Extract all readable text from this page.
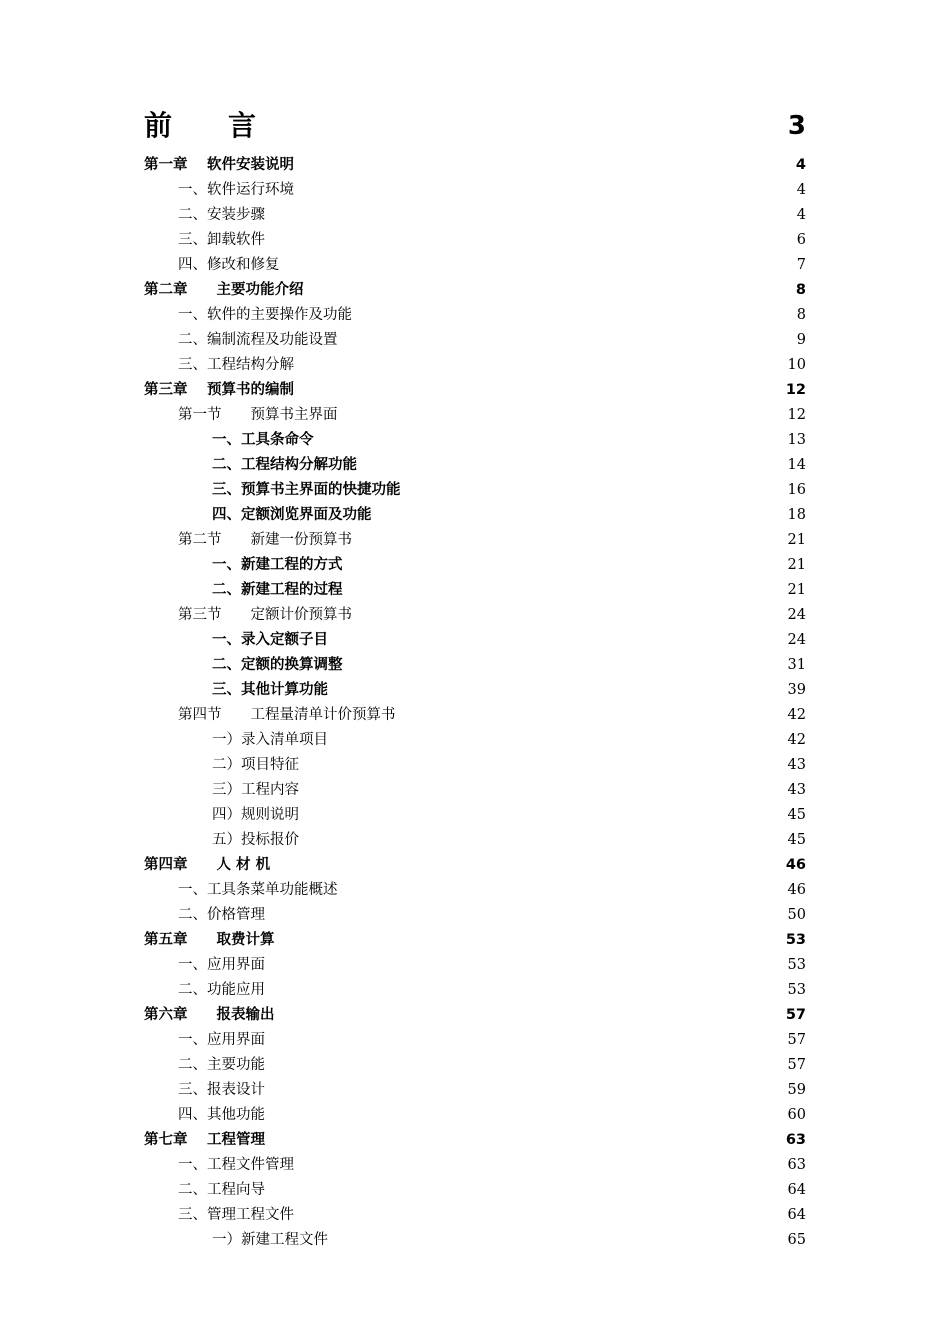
前　　言	3
第一章　 软件安装说明	4
一、软件运行环境	4
二、安装步骤	4
三、卸载软件	6
四、修改和修复	7
第二章　　主要功能介绍	8
一、软件的主要操作及功能	8
二、编制流程及功能设置	9
三、工程结构分解	10
第三章　 预算书的编制	12
第一节　　预算书主界面	12
一、工具条命令	13
二、工程结构分解功能	14
三、预算书主界面的快捷功能	16
四、定额浏览界面及功能	18
第二节　　新建一份预算书	21
一、新建工程的方式	21
二、新建工程的过程	21
第三节　　定额计价预算书	24
一、录入定额子目	24
二、定额的换算调整	31
三、其他计算功能	39
第四节　　工程量清单计价预算书	42
一）录入清单项目	42
二）项目特征	43
三）工程内容	43
四）规则说明	45
五）投标报价	45
第四章　　人 材 机	46
一、工具条菜单功能概述	46
二、价格管理	50
第五章　　取费计算	53
一、应用界面	53
二、功能应用	53
第六章　　报表输出	57
一、应用界面	57
二、主要功能	57
三、报表设计	59
四、其他功能	60
第七章　 工程管理	63
一、工程文件管理	63
二、工程向导	64
三、管理工程文件	64
一）新建工程文件	65
